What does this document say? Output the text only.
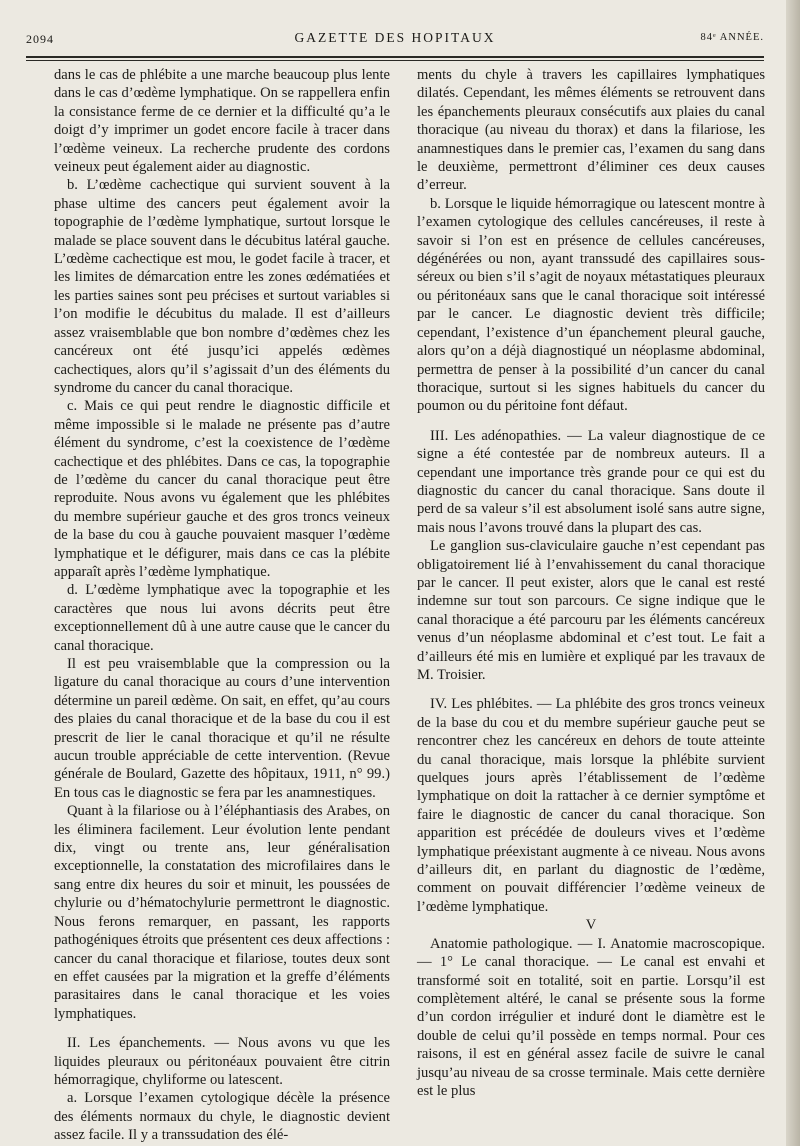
2094	GAZETTE DES HOPITAUX	84ᵉ ANNÉE.

dans le cas de phlébite a une marche beaucoup plus lente dans le cas d’œdème lymphatique. On se rappellera enfin la consistance ferme de ce dernier et la difficulté qu’a le doigt d’y imprimer un godet encore facile à tracer dans l’œdème veineux. La recherche prudente des cordons veineux peut également aider au diagnostic.

b. L’œdème cachectique qui survient souvent à la phase ultime des cancers peut également avoir la topographie de l’œdème lymphatique, surtout lorsque le malade se place souvent dans le décubitus latéral gauche. L’œdème cachectique est mou, le godet facile à tracer, et les limites de démarcation entre les zones œdématiées et les parties saines sont peu précises et surtout variables si l’on modifie le décubitus du malade. Il est d’ailleurs assez vraisemblable que bon nombre d’œdèmes chez les cancéreux ont été jusqu’ici appelés œdèmes cachectiques, alors qu’il s’agissait d’un des éléments du syndrome du cancer du canal thoracique.

c. Mais ce qui peut rendre le diagnostic difficile et même impossible si le malade ne présente pas d’autre élément du syndrome, c’est la coexistence de l’œdème cachectique et des phlébites. Dans ce cas, la topographie de l’œdème du cancer du canal thoracique peut être reproduite. Nous avons vu également que les phlébites du membre supérieur gauche et des gros troncs veineux de la base du cou à gauche pouvaient masquer l’œdème lymphatique et le défigurer, mais dans ce cas la plébite apparaît après l’œdème lymphatique.

d. L’œdème lymphatique avec la topographie et les caractères que nous lui avons décrits peut être exceptionnellement dû à une autre cause que le cancer du canal thoracique.

Il est peu vraisemblable que la compression ou la ligature du canal thoracique au cours d’une intervention détermine un pareil œdème. On sait, en effet, qu’au cours des plaies du canal thoracique et de la base du cou il est prescrit de lier le canal thoracique et qu’il ne résulte aucun trouble appréciable de cette intervention. (Revue générale de Boulard, Gazette des hôpitaux, 1911, n° 99.) En tous cas le diagnostic se fera par les anamnestiques.

Quant à la filariose ou à l’éléphantiasis des Arabes, on les éliminera facilement. Leur évolution lente pendant dix, vingt ou trente ans, leur généralisation exceptionnelle, la constatation des microfilaires dans le sang entre dix heures du soir et minuit, les poussées de chylurie ou d’hématochylurie permettront le diagnostic. Nous ferons remarquer, en passant, les rapports pathogéniques étroits que présentent ces deux affections : cancer du canal thoracique et filariose, toutes deux sont en effet causées par la migration et la greffe d’éléments parasitaires dans le canal thoracique et les voies lymphatiques.

II. Les épanchements. — Nous avons vu que les liquides pleuraux ou péritonéaux pouvaient être citrin hémorragique, chyliforme ou latescent.

a. Lorsque l’examen cytologique décèle la présence des éléments normaux du chyle, le diagnostic devient assez facile. Il y a transsudation des élé-

ments du chyle à travers les capillaires lymphatiques dilatés. Cependant, les mêmes éléments se retrouvent dans les épanchements pleuraux consécutifs aux plaies du canal thoracique (au niveau du thorax) et dans la filariose, les anamnestiques dans le premier cas, l’examen du sang dans le deuxième, permettront d’éliminer ces deux causes d’erreur.

b. Lorsque le liquide hémorragique ou latescent montre à l’examen cytologique des cellules cancéreuses, il reste à savoir si l’on est en présence de cellules cancéreuses, dégénérées ou non, ayant transsudé des capillaires sous-séreux ou bien s’il s’agit de noyaux métastatiques pleuraux ou péritonéaux sans que le canal thoracique soit intéressé par le cancer. Le diagnostic devient très difficile; cependant, l’existence d’un épanchement pleural gauche, alors qu’on a déjà diagnostiqué un néoplasme abdominal, permettra de penser à la possibilité d’un cancer du canal thoracique, surtout si les signes habituels du cancer du poumon ou du péritoine font défaut.

III. Les adénopathies. — La valeur diagnostique de ce signe a été contestée par de nombreux auteurs. Il a cependant une importance très grande pour ce qui est du diagnostic du cancer du canal thoracique. Sans doute il perd de sa valeur s’il est absolument isolé sans autre signe, mais nous l’avons trouvé dans la plupart des cas.

Le ganglion sus-claviculaire gauche n’est cependant pas obligatoirement lié à l’envahissement du canal thoracique par le cancer. Il peut exister, alors que le canal est resté indemne sur tout son parcours. Ce signe indique que le canal thoracique a été parcouru par les éléments cancéreux venus d’un néoplasme abdominal et c’est tout. Le fait a d’ailleurs été mis en lumière et expliqué par les travaux de M. Troisier.

IV. Les phlébites. — La phlébite des gros troncs veineux de la base du cou et du membre supérieur gauche peut se rencontrer chez les cancéreux en dehors de toute atteinte du canal thoracique, mais lorsque la phlébite survient quelques jours après l’établissement de l’œdème lymphatique on doit la rattacher à ce dernier symptôme et faire le diagnostic de cancer du canal thoracique. Son apparition est précédée de douleurs vives et l’œdème lymphatique préexistant augmente à ce niveau. Nous avons d’ailleurs dit, en parlant du diagnostic de l’œdème, comment on pouvait différencier l’œdème veineux de l’œdème lymphatique.

V

Anatomie pathologique. — I. Anatomie macroscopique. — 1° Le canal thoracique. — Le canal est envahi et transformé soit en totalité, soit en partie. Lorsqu’il est complètement altéré, le canal se présente sous la forme d’un cordon irrégulier et induré dont le diamètre est le double de celui qu’il possède en temps normal. Pour ces raisons, il est en général assez facile de suivre le canal jusqu’au niveau de sa crosse terminale. Mais cette dernière est le plus
